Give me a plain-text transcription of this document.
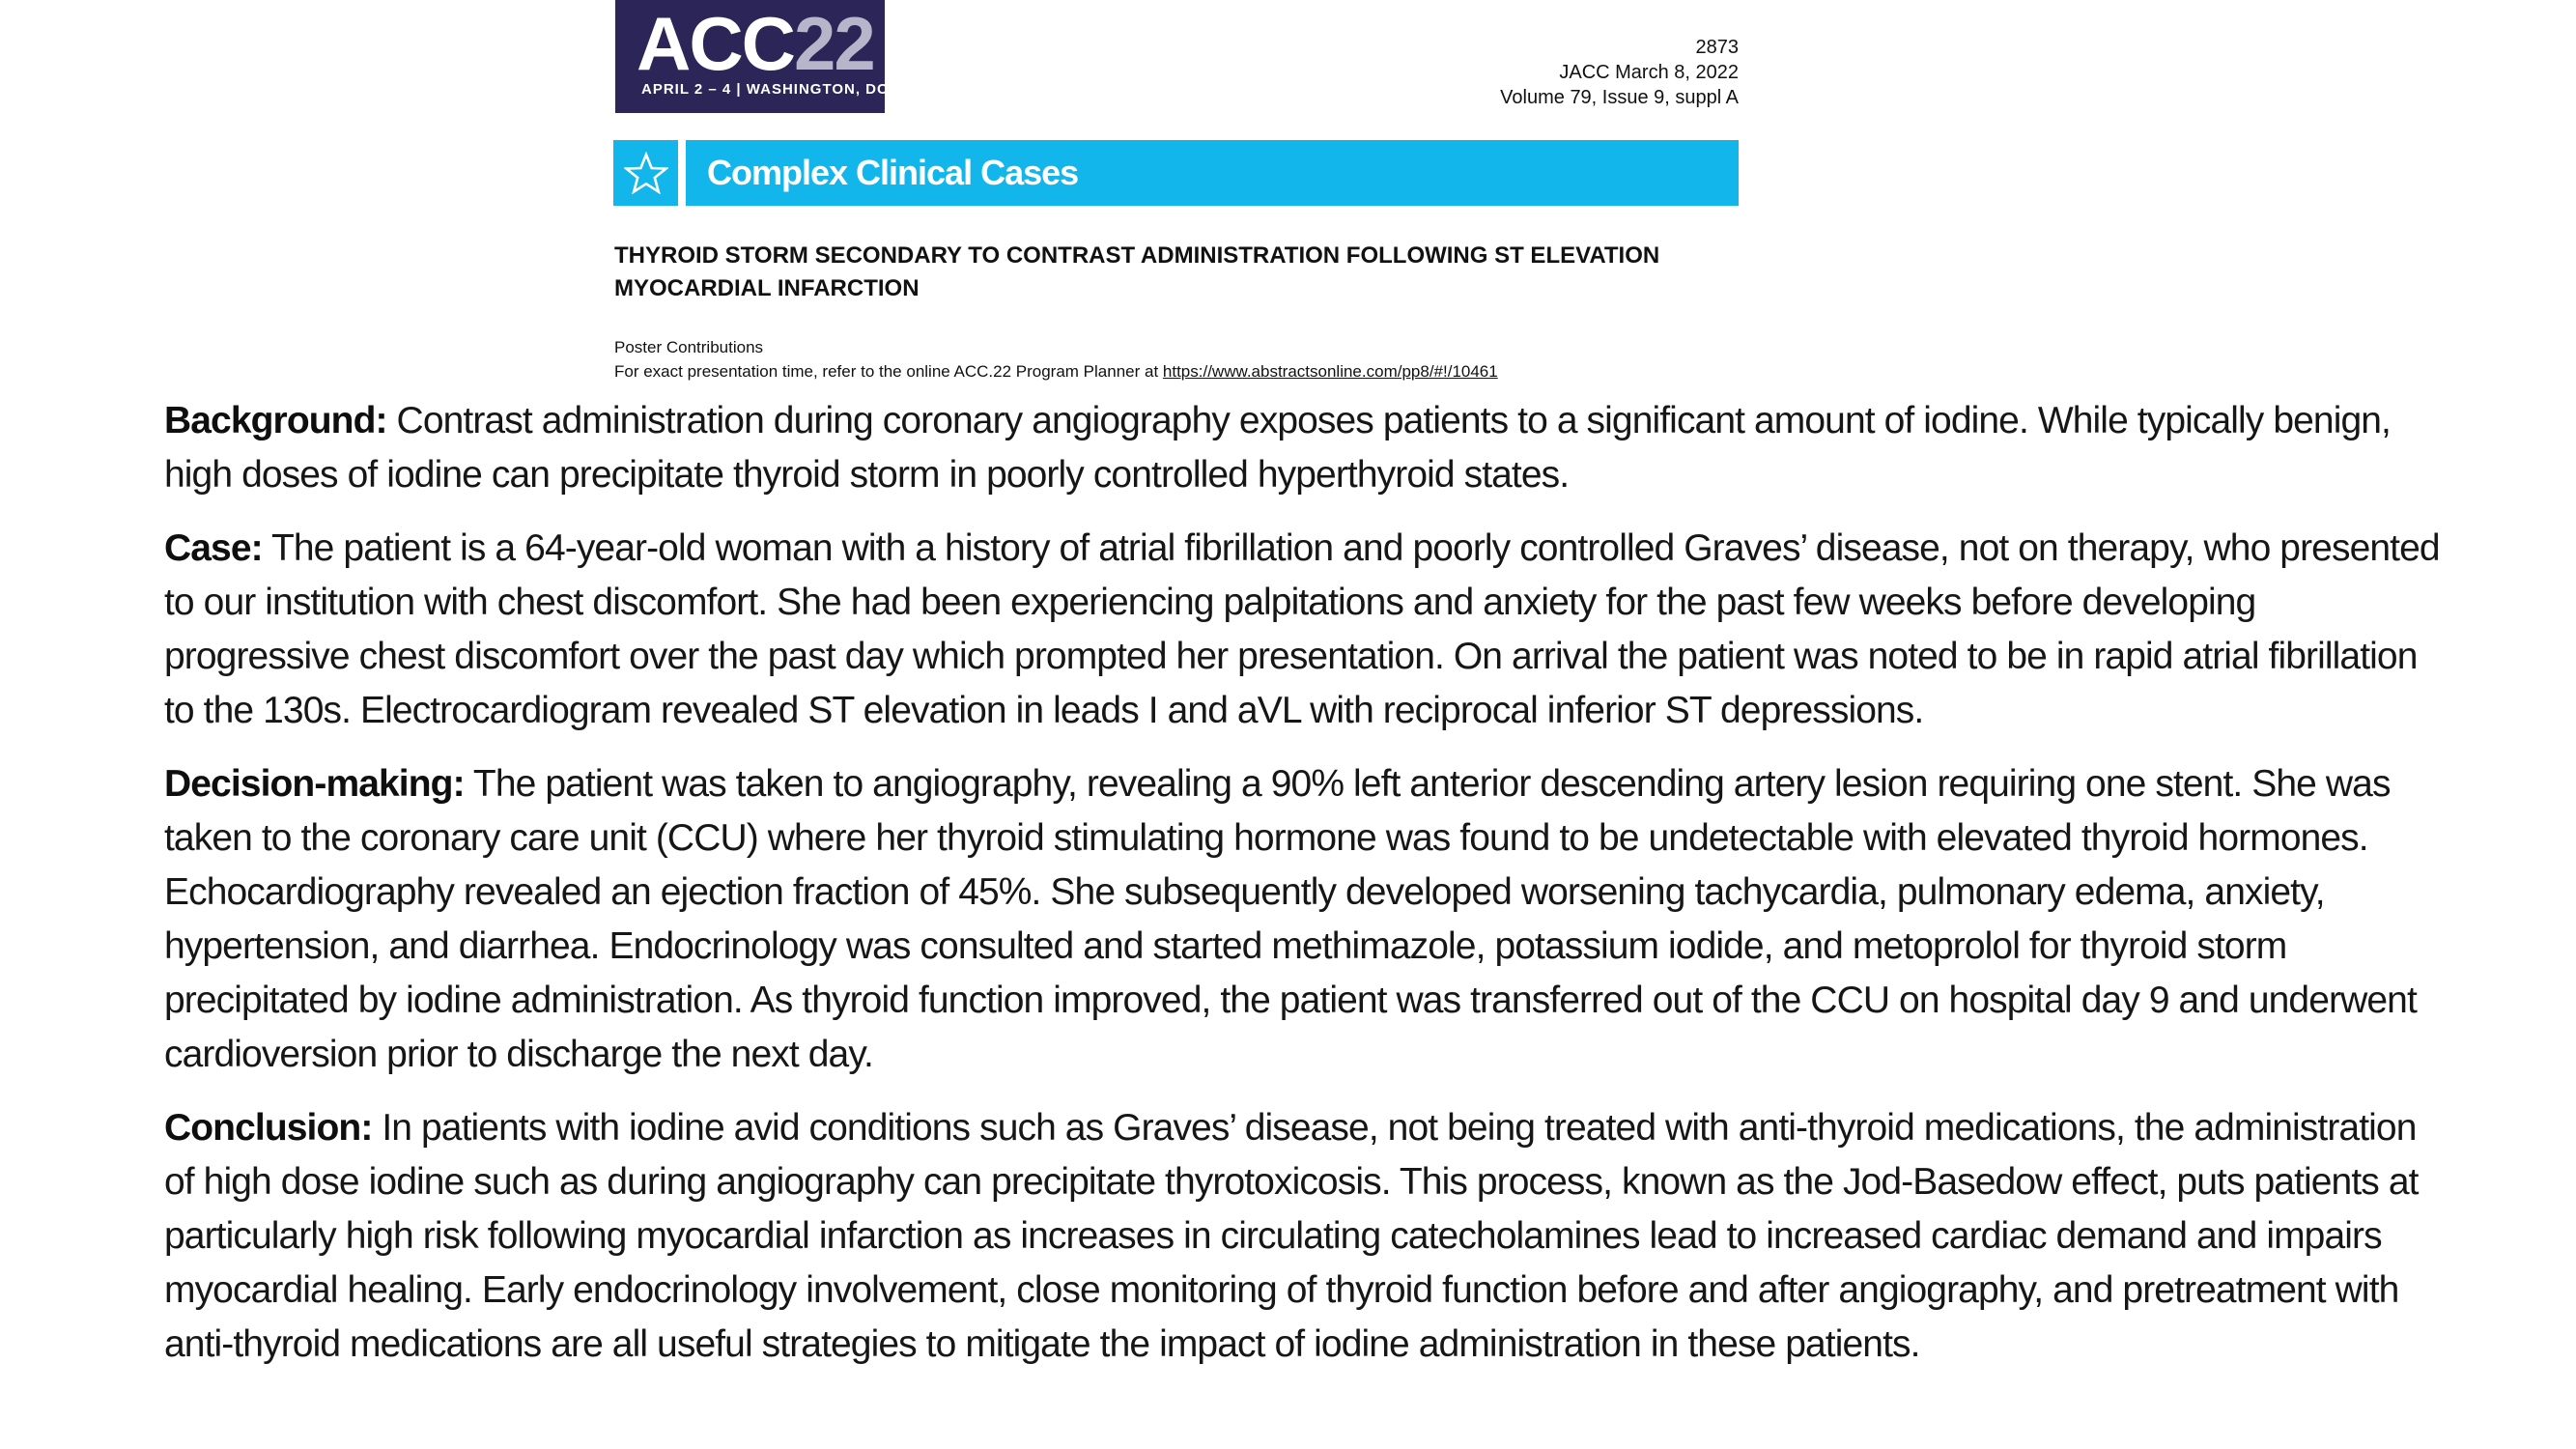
ACC22
APRIL 2 – 4 | WASHINGTON, DC
2873
JACC March 8, 2022
Volume 79, Issue 9, suppl A
Complex Clinical Cases
THYROID STORM SECONDARY TO CONTRAST ADMINISTRATION FOLLOWING ST ELEVATION MYOCARDIAL INFARCTION
Poster Contributions
For exact presentation time, refer to the online ACC.22 Program Planner at https://www.abstractsonline.com/pp8/#!/10461

Background: Contrast administration during coronary angiography exposes patients to a significant amount of iodine. While typically benign, high doses of iodine can precipitate thyroid storm in poorly controlled hyperthyroid states.

Case: The patient is a 64-year-old woman with a history of atrial fibrillation and poorly controlled Graves’ disease, not on therapy, who presented to our institution with chest discomfort. She had been experiencing palpitations and anxiety for the past few weeks before developing progressive chest discomfort over the past day which prompted her presentation. On arrival the patient was noted to be in rapid atrial fibrillation to the 130s. Electrocardiogram revealed ST elevation in leads I and aVL with reciprocal inferior ST depressions.

Decision-making: The patient was taken to angiography, revealing a 90% left anterior descending artery lesion requiring one stent. She was taken to the coronary care unit (CCU) where her thyroid stimulating hormone was found to be undetectable with elevated thyroid hormones. Echocardiography revealed an ejection fraction of 45%. She subsequently developed worsening tachycardia, pulmonary edema, anxiety, hypertension, and diarrhea. Endocrinology was consulted and started methimazole, potassium iodide, and metoprolol for thyroid storm precipitated by iodine administration. As thyroid function improved, the patient was transferred out of the CCU on hospital day 9 and underwent cardioversion prior to discharge the next day.

Conclusion: In patients with iodine avid conditions such as Graves’ disease, not being treated with anti-thyroid medications, the administration of high dose iodine such as during angiography can precipitate thyrotoxicosis. This process, known as the Jod-Basedow effect, puts patients at particularly high risk following myocardial infarction as increases in circulating catecholamines lead to increased cardiac demand and impairs myocardial healing. Early endocrinology involvement, close monitoring of thyroid function before and after angiography, and pretreatment with anti-thyroid medications are all useful strategies to mitigate the impact of iodine administration in these patients.
